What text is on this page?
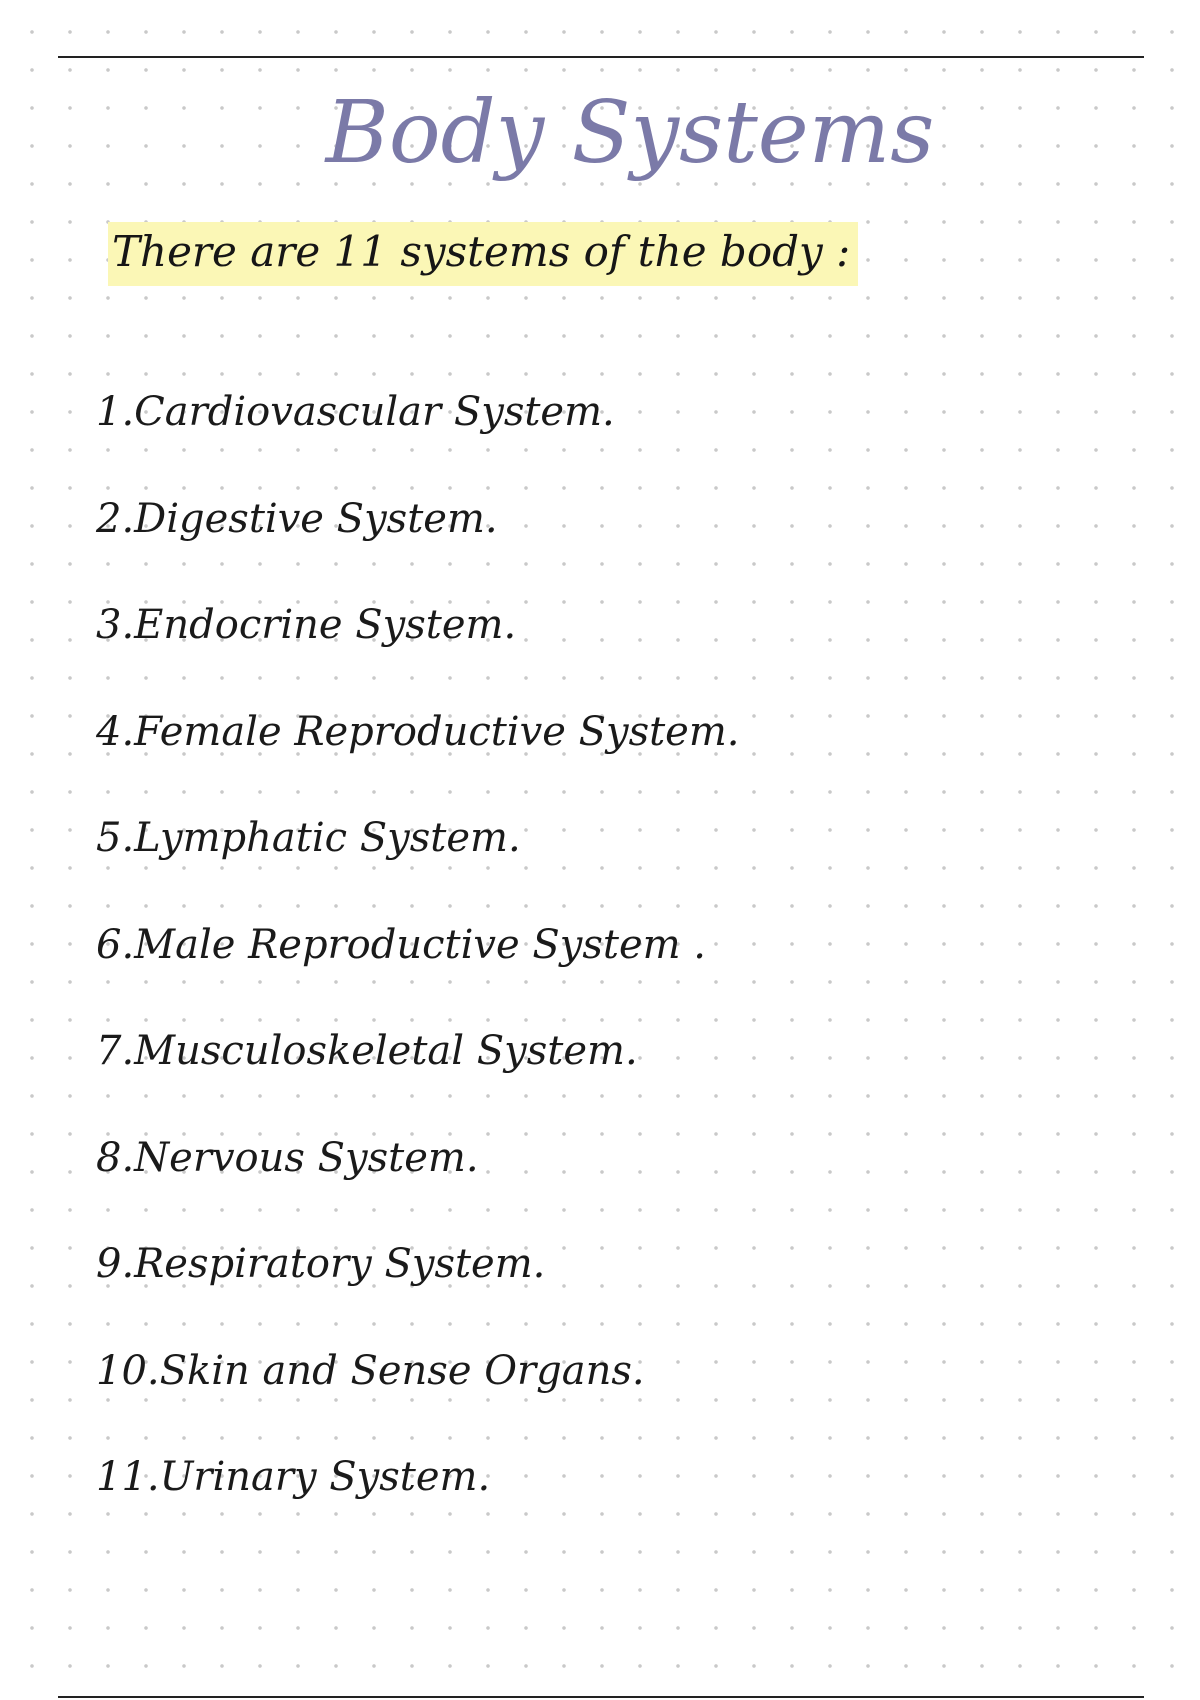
Body Systems
There are 11 systems of the body :
1.Cardiovascular System.
2.Digestive System.
3.Endocrine System.
4.Female Reproductive System.
5.Lymphatic System.
6.Male Reproductive System .
7.Musculoskeletal System.
8.Nervous System.
9.Respiratory System.
10.Skin and Sense Organs.
11.Urinary System.
